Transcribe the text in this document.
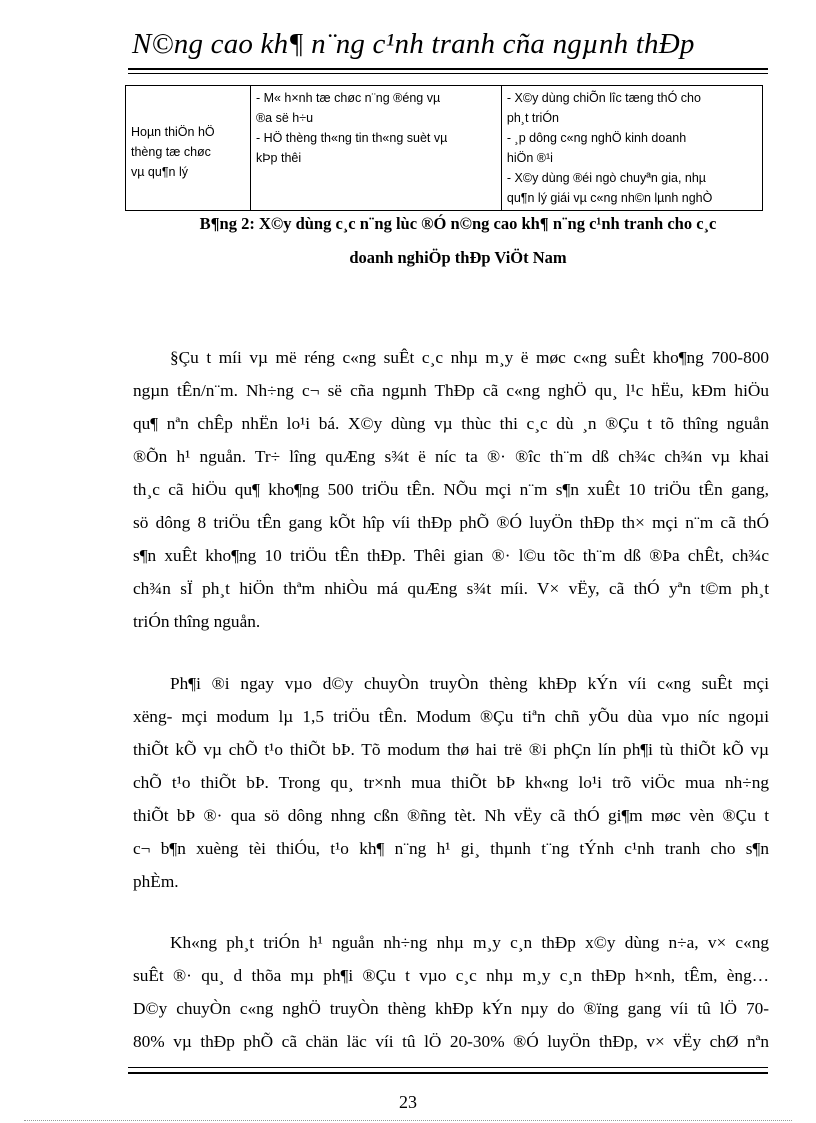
N©ng cao kh¶ n¨ng c¹nh tranh cña ngµnh thÐp
Hoµn thiÖn hÖ
thèng tæ chøc
vµ qu¶n lý

- M« h×nh tæ chøc n¨ng ®éng vµ
®a së h÷u
- HÖ thèng th«ng tin th«ng suèt vµ
kÞp thêi

- X©y dùng chiÕn lîc tæng thÓ cho
ph¸t triÓn
- ¸p dông c«ng nghÖ kinh doanh
hiÖn ®¹i
- X©y dùng ®éi ngò chuyªn gia, nhµ
qu¶n lý giái vµ c«ng nh©n lµnh nghÒ
B¶ng 2: X©y dùng c¸c n¨ng lùc ®Ó n©ng cao kh¶ n¨ng c¹nh tranh cho c¸c
doanh nghiÖp thÐp ViÖt Nam
§Çu t míi vµ më réng c«ng suÊt c¸c nhµ m¸y ë møc c«ng suÊt kho¶ng 700-800
ngµn tÊn/n¨m. Nh÷ng c¬ së cña ngµnh ThÐp cã c«ng nghÖ qu¸ l¹c hËu, kÐm hiÖu
qu¶ nªn chÊp nhËn lo¹i bá. X©y dùng vµ thùc thi c¸c dù ¸n ®Çu t tõ thîng nguån
®Õn h¹ nguån. Tr÷ lîng quÆng s¾t ë níc ta ®· ®îc th¨m dß ch¾c ch¾n vµ khai
th¸c cã hiÖu qu¶ kho¶ng 500 triÖu tÊn. NÕu mçi n¨m s¶n xuÊt 10 triÖu tÊn gang,
sö dông 8 triÖu tÊn gang kÕt hîp víi thÐp phÕ ®Ó luyÖn thÐp th× mçi n¨m cã thÓ
s¶n xuÊt kho¶ng 10 triÖu tÊn thÐp. Thêi gian ®· l©u tõc th¨m dß ®Þa chÊt, ch¾c
ch¾n sÏ ph¸t hiÖn thªm nhiÒu má quÆng s¾t míi. V× vËy, cã thÓ yªn t©m ph¸t
triÓn thîng nguån.
Ph¶i ®i ngay vµo d©y chuyÒn truyÒn thèng khÐp kÝn víi c«ng suÊt mçi
xëng- mçi modum lµ 1,5 triÖu tÊn. Modum ®Çu tiªn chñ yÕu dùa vµo níc ngoµi
thiÕt kÕ vµ chÕ t¹o thiÕt bÞ. Tõ modum thø hai trë ®i phÇn lín ph¶i tù thiÕt kÕ vµ
chÕ t¹o thiÕt bÞ. Trong qu¸ tr×nh mua thiÕt bÞ kh«ng lo¹i trõ viÖc mua nh÷ng
thiÕt bÞ ®· qua sö dông nhng cßn ®ñng tèt. Nh vËy cã thÓ gi¶m møc vèn ®Çu t
c¬ b¶n xuèng tèi thiÓu, t¹o kh¶ n¨ng h¹ gi¸ thµnh t¨ng tÝnh c¹nh tranh cho s¶n
phÈm.
Kh«ng ph¸t triÓn h¹ nguån nh÷ng nhµ m¸y c¸n thÐp x©y dùng n÷a, v× c«ng
suÊt ®· qu¸ d thõa mµ ph¶i ®Çu t vµo c¸c nhµ m¸y c¸n thÐp h×nh, tÊm, èng…
D©y chuyÒn c«ng nghÖ truyÒn thèng khÐp kÝn nµy do ®ïng gang víi tû lÖ 70-
80% vµ thÐp phÕ cã chän läc víi tû lÖ 20-30% ®Ó luyÖn thÐp, v× vËy chØ nªn
23
